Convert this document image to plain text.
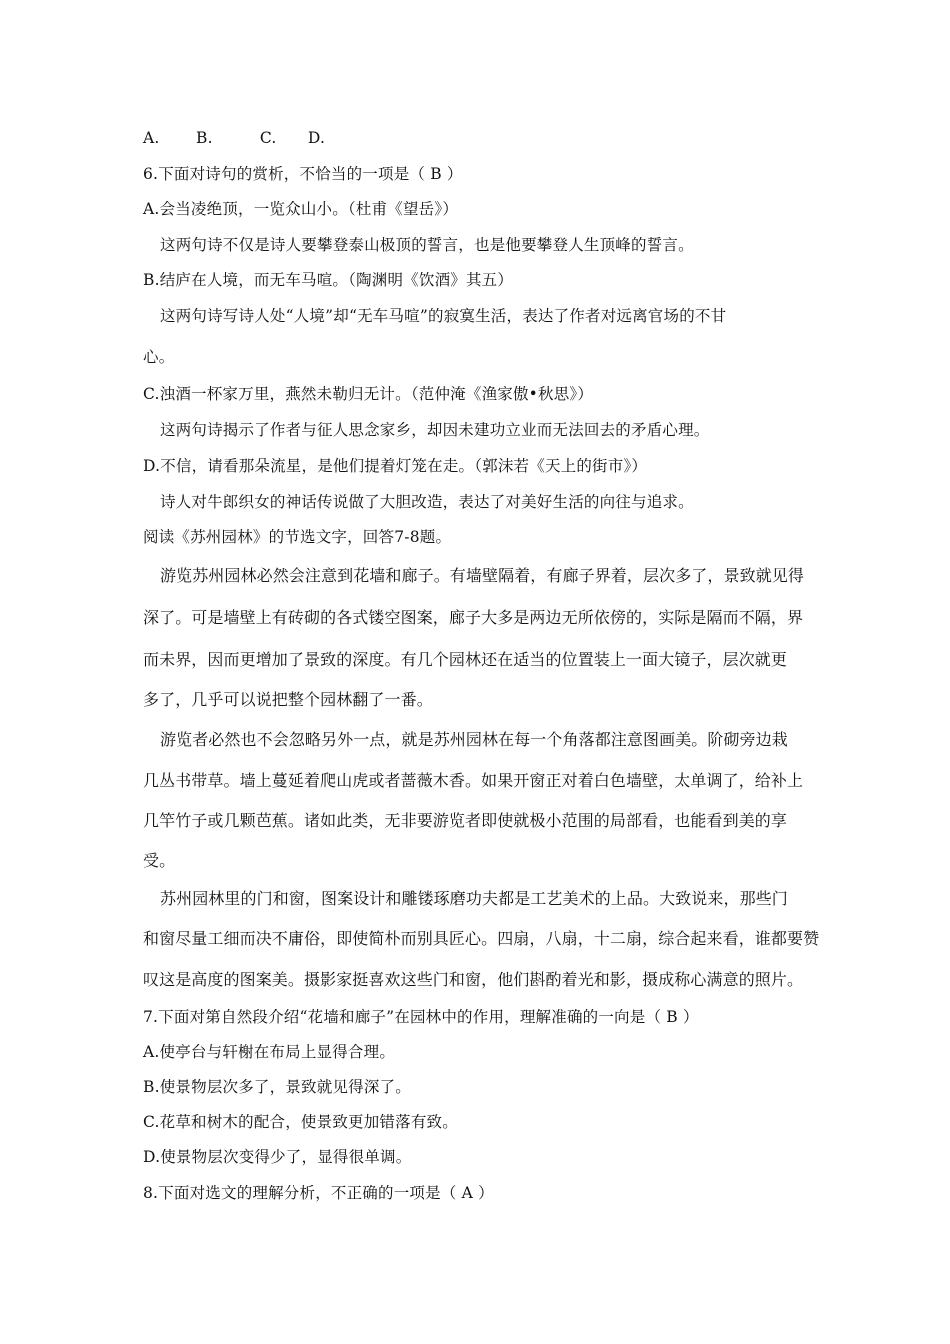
A.　　 B.　　　C.　　D.
6.下面对诗句的赏析，不恰当的一项是（ B ）
A.会当凌绝顶，一览众山小。（杜甫《望岳》）
这两句诗不仅是诗人要攀登泰山极顶的誓言，也是他要攀登人生顶峰的誓言。
B.结庐在人境，而无车马喧。（陶渊明《饮酒》其五）
这两句诗写诗人处“人境”却“无车马喧”的寂寞生活，表达了作者对远离官场的不甘
心。
C.浊酒一杯家万里，燕然未勒归无计。（范仲淹《渔家傲•秋思》）
这两句诗揭示了作者与征人思念家乡，却因未建功立业而无法回去的矛盾心理。
D.不信，请看那朵流星，是他们提着灯笼在走。（郭沫若《天上的街市》）
诗人对牛郎织女的神话传说做了大胆改造，表达了对美好生活的向往与追求。
阅读《苏州园林》的节选文字，回答7-8题。
游览苏州园林必然会注意到花墙和廊子。有墙壁隔着，有廊子界着，层次多了，景致就见得
深了。可是墙壁上有砖砌的各式镂空图案，廊子大多是两边无所依傍的，实际是隔而不隔，界
而未界，因而更增加了景致的深度。有几个园林还在适当的位置装上一面大镜子，层次就更
多了，几乎可以说把整个园林翻了一番。
游览者必然也不会忽略另外一点，就是苏州园林在每一个角落都注意图画美。阶砌旁边栽
几丛书带草。墙上蔓延着爬山虎或者蔷薇木香。如果开窗正对着白色墙壁，太单调了，给补上
几竿竹子或几颗芭蕉。诸如此类，无非要游览者即使就极小范围的局部看，也能看到美的享
受。
苏州园林里的门和窗，图案设计和雕镂琢磨功夫都是工艺美术的上品。大致说来，那些门
和窗尽量工细而决不庸俗，即使简朴而别具匠心。四扇，八扇，十二扇，综合起来看，谁都要赞
叹这是高度的图案美。摄影家挺喜欢这些门和窗，他们斟酌着光和影，摄成称心满意的照片。
7.下面对第自然段介绍“花墙和廊子”在园林中的作用，理解准确的一向是（ B ）
A.使亭台与轩榭在布局上显得合理。
B.使景物层次多了，景致就见得深了。
C.花草和树木的配合，使景致更加错落有致。
D.使景物层次变得少了，显得很单调。
8.下面对选文的理解分析，不正确的一项是（ A ）
